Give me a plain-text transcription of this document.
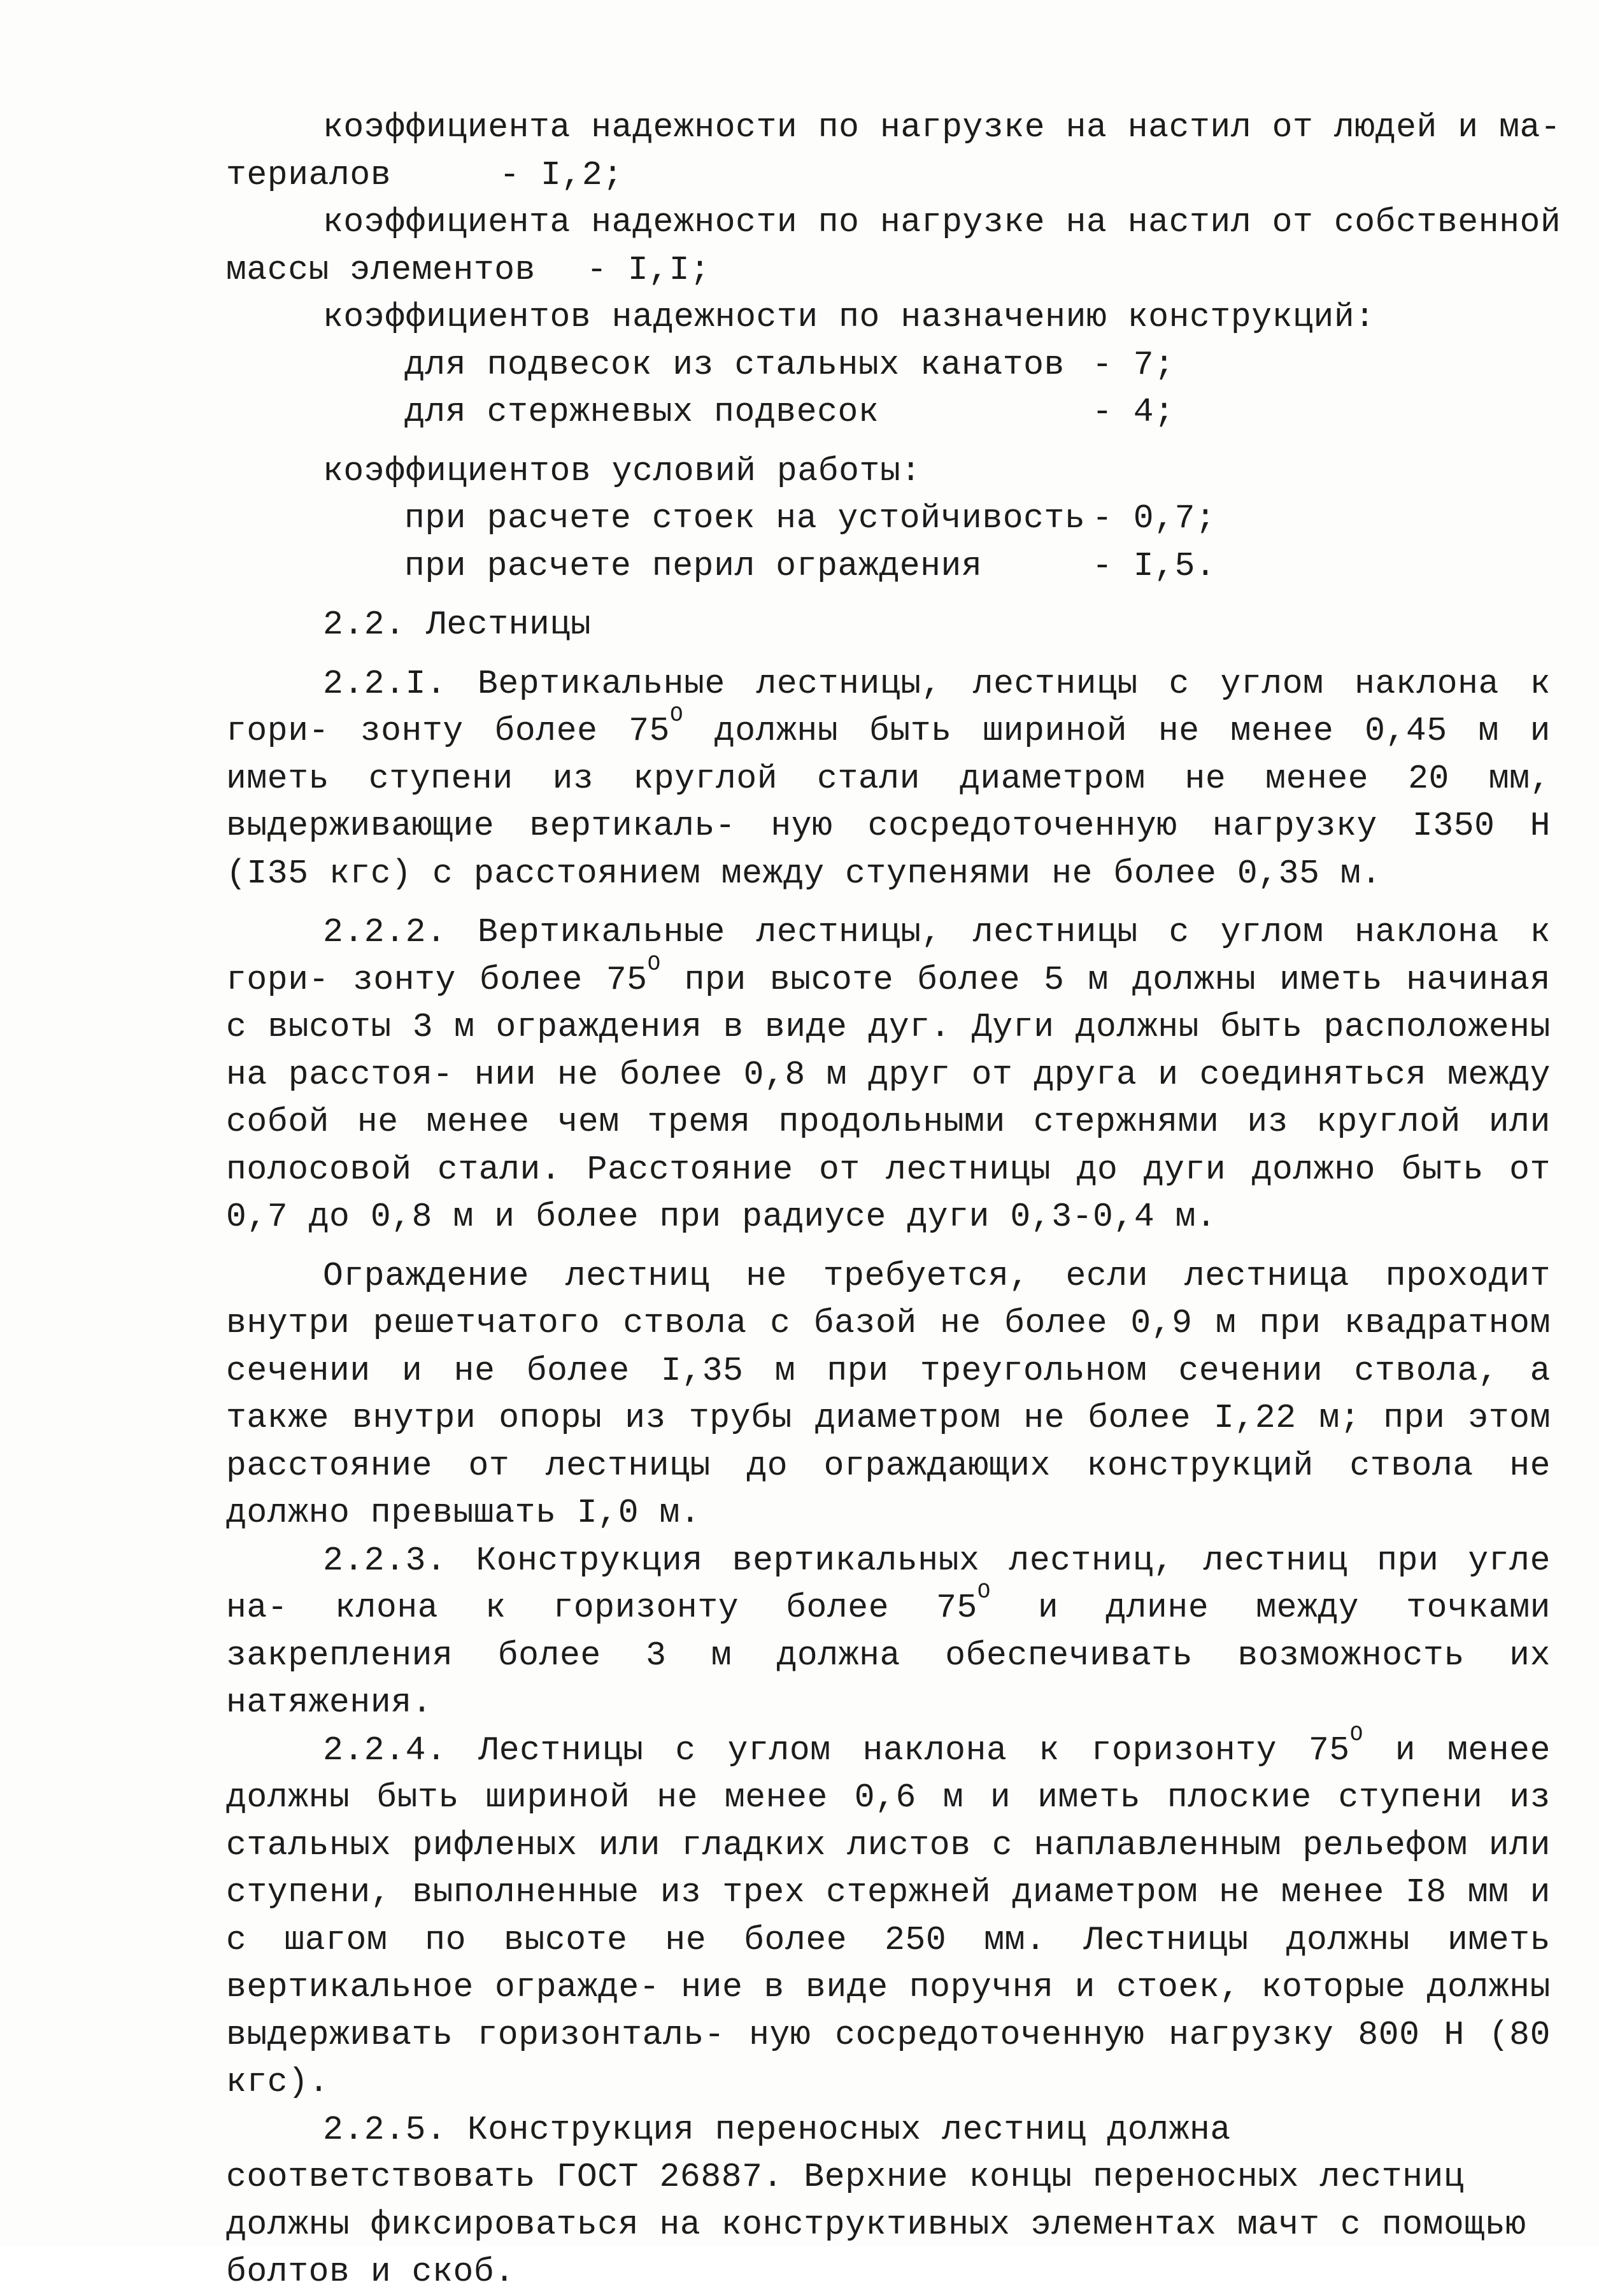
коэффициента надежности по нагрузке на настил от людей и ма-
териалов	- I,2;
коэффициента надежности по нагрузке на настил от собственной
массы элементов - I,I;
коэффициентов надежности по назначению конструкций:
для подвесок из стальных канатов - 7;
для стержневых подвесок	- 4;
коэффициентов условий работы:
при расчете стоек на устойчивость - 0,7;
при расчете перил ограждения	- I,5.
2.2. Лестницы
2.2.I. Вертикальные лестницы, лестницы с углом наклона к гори- зонту более $75^О$ должны быть шириной не менее 0,45 м и иметь ступени из круглой стали диаметром не менее 20 мм, выдерживающие вертикаль- ную сосредоточенную нагрузку I350 Н (I35 кгс) с расстоянием между ступенями не более 0,35 м.
2.2.2. Вертикальные лестницы, лестницы с углом наклона к гори- зонту более $75^О$ при высоте более 5 м должны иметь начиная с высоты 3 м ограждения в виде дуг. Дуги должны быть расположены на расстоя- нии не более 0,8 м друг от друга и соединяться между собой не менее чем тремя продольными стержнями из круглой или полосовой стали. Расстояние от лестницы до дуги должно быть от 0,7 до 0,8 м и более при радиусе дуги 0,3-0,4 м.
Ограждение лестниц не требуется, если лестница проходит внутри решетчатого ствола с базой не более 0,9 м при квадратном сечении и не более I,35 м при треугольном сечении ствола, а также внутри опоры из трубы диаметром не более I,22 м; при этом расстояние от лестницы до ограждающих конструкций ствола не должно превышать I,0 м.
2.2.3. Конструкция вертикальных лестниц, лестниц при угле на- клона к горизонту более $75^О$ и длине между точками закрепления более 3 м должна обеспечивать возможность их натяжения.
2.2.4. Лестницы с углом наклона к горизонту $75^О$ и менее должны быть шириной не менее 0,6 м и иметь плоские ступени из стальных рифленых или гладких листов с наплавленным рельефом или ступени, выполненные из трех стержней диаметром не менее I8 мм и с шагом по высоте не более 250 мм. Лестницы должны иметь вертикальное огражде- ние в виде поручня и стоек, которые должны выдерживать горизонталь- ную сосредоточенную нагрузку 800 Н (80 кгс).
2.2.5. Конструкция переносных лестниц должна соответствовать ГОСТ 26887. Верхние концы переносных лестниц должны фиксироваться на конструктивных элементах мачт с помощью болтов и скоб.
